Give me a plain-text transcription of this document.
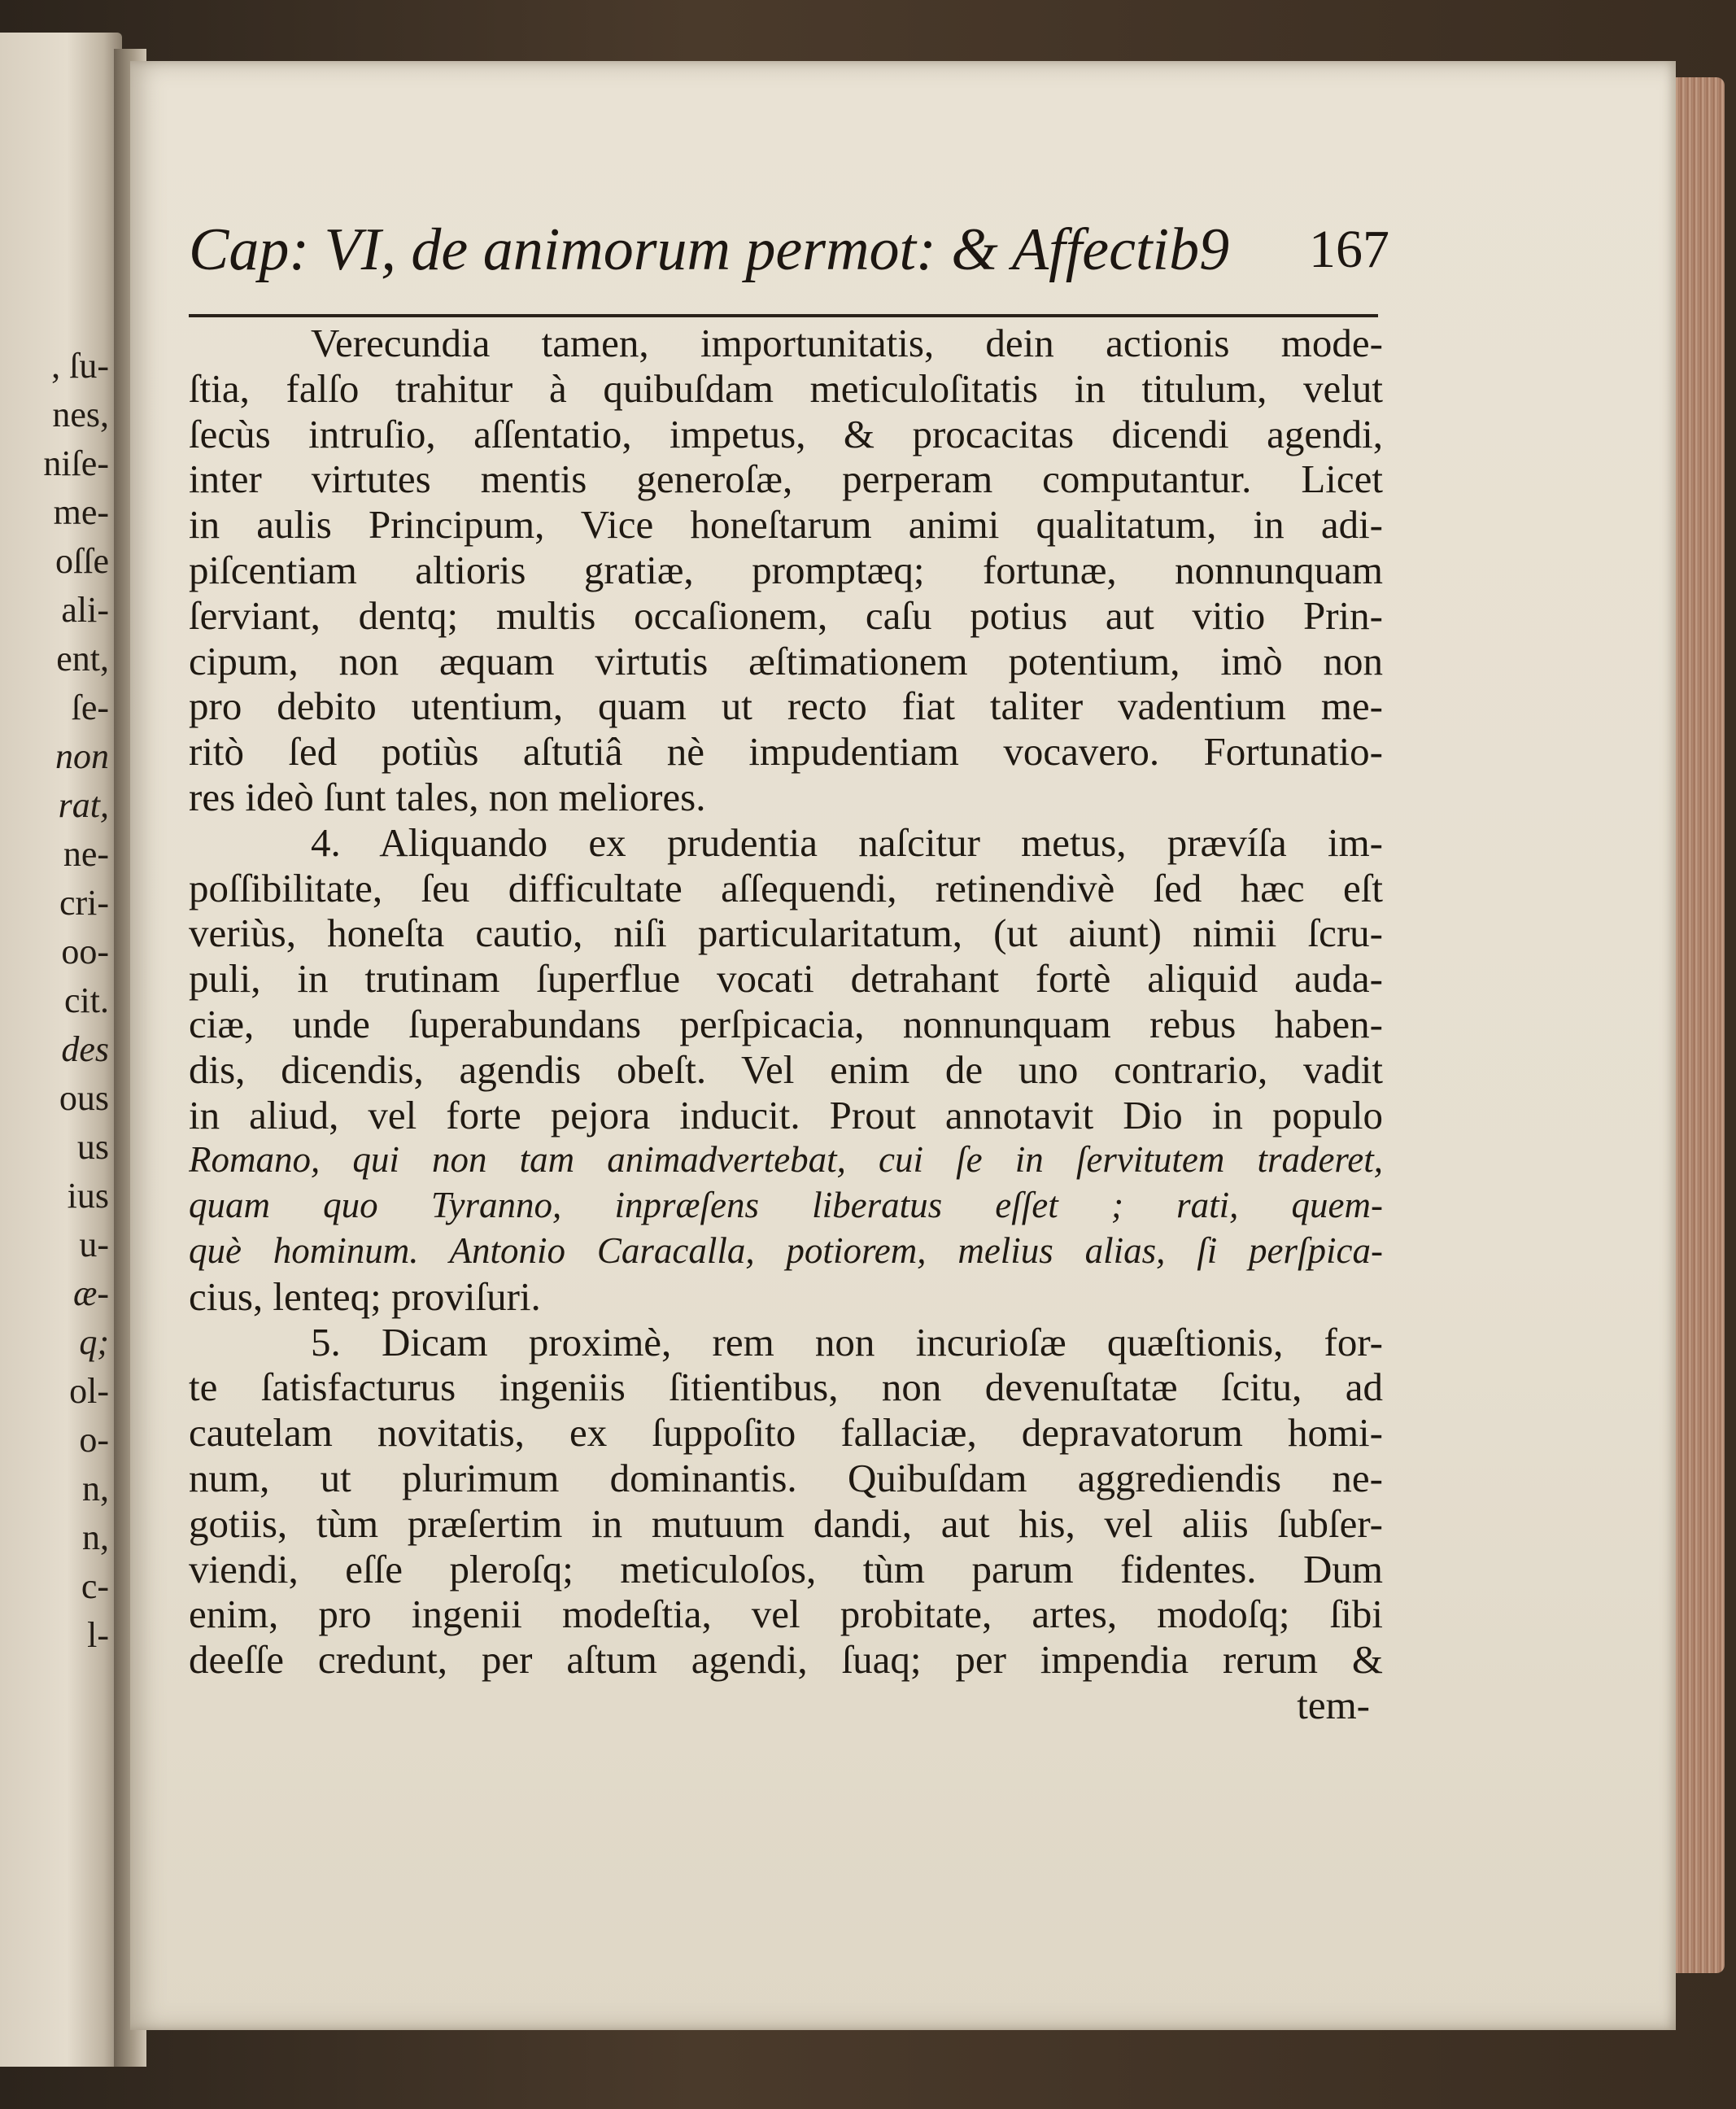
, ſu-
nes,
niſe-
me-
oſſe
ali-
ent,
ſe-
non
rat,
ne-
cri-
oo-
cit.
des
ous
us
ius
u-
æ-
q;
ol-
o-
n,
n,
c-
l-
Cap: VI, de animorum permot: & Affectib9	167
Verecundia tamen, importunitatis, dein actionis mode-
ſtia, falſo trahitur à quibuſdam meticuloſitatis in titulum, velut
ſecùs intruſio, aſſentatio, impetus, & procacitas dicendi agendi,
inter virtutes mentis generoſæ, perperam computantur. Licet
in aulis Principum, Vice honeſtarum animi qualitatum, in adi-
piſcentiam altioris gratiæ, promptæq; fortunæ, nonnunquam
ſerviant, dentq; multis occaſionem, caſu potius aut vitio Prin-
cipum, non æquam virtutis æſtimationem potentium, imò non
pro debito utentium, quam ut recto fiat taliter vadentium me-
ritò ſed potiùs aſtutiâ nè impudentiam vocavero. Fortunatio-
res ideò ſunt tales, non meliores.
4. Aliquando ex prudentia naſcitur metus, prævíſa im-
poſſibilitate, ſeu difficultate aſſequendi, retinendivè ſed hæc eſt
veriùs, honeſta cautio, niſi particularitatum, (ut aiunt) nimii ſcru-
puli, in trutinam ſuperflue vocati detrahant fortè aliquid auda-
ciæ, unde ſuperabundans perſpicacia, nonnunquam rebus haben-
dis, dicendis, agendis obeſt. Vel enim de uno contrario, vadit
in aliud, vel forte pejora inducit. Prout annotavit Dio in populo
Romano, qui non tam animadvertebat, cui ſe in ſervitutem traderet,
quam quo Tyranno, inpræſens liberatus eſſet ; rati, quem-
què hominum. Antonio Caracalla, potiorem, melius alias, ſi perſpica-
cius, lenteq; proviſuri.
5. Dicam proximè, rem non incurioſæ quæſtionis, for-
te ſatisfacturus ingeniis ſitientibus, non devenuſtatæ ſcitu, ad
cautelam novitatis, ex ſuppoſito fallaciæ, depravatorum homi-
num, ut plurimum dominantis. Quibuſdam aggrediendis ne-
gotiis, tùm præſertim in mutuum dandi, aut his, vel aliis ſubſer-
viendi, eſſe pleroſq; meticuloſos, tùm parum fidentes. Dum
enim, pro ingenii modeſtia, vel probitate, artes, modoſq; ſibi
deeſſe credunt, per aſtum agendi, ſuaq; per impendia rerum &
tem-
